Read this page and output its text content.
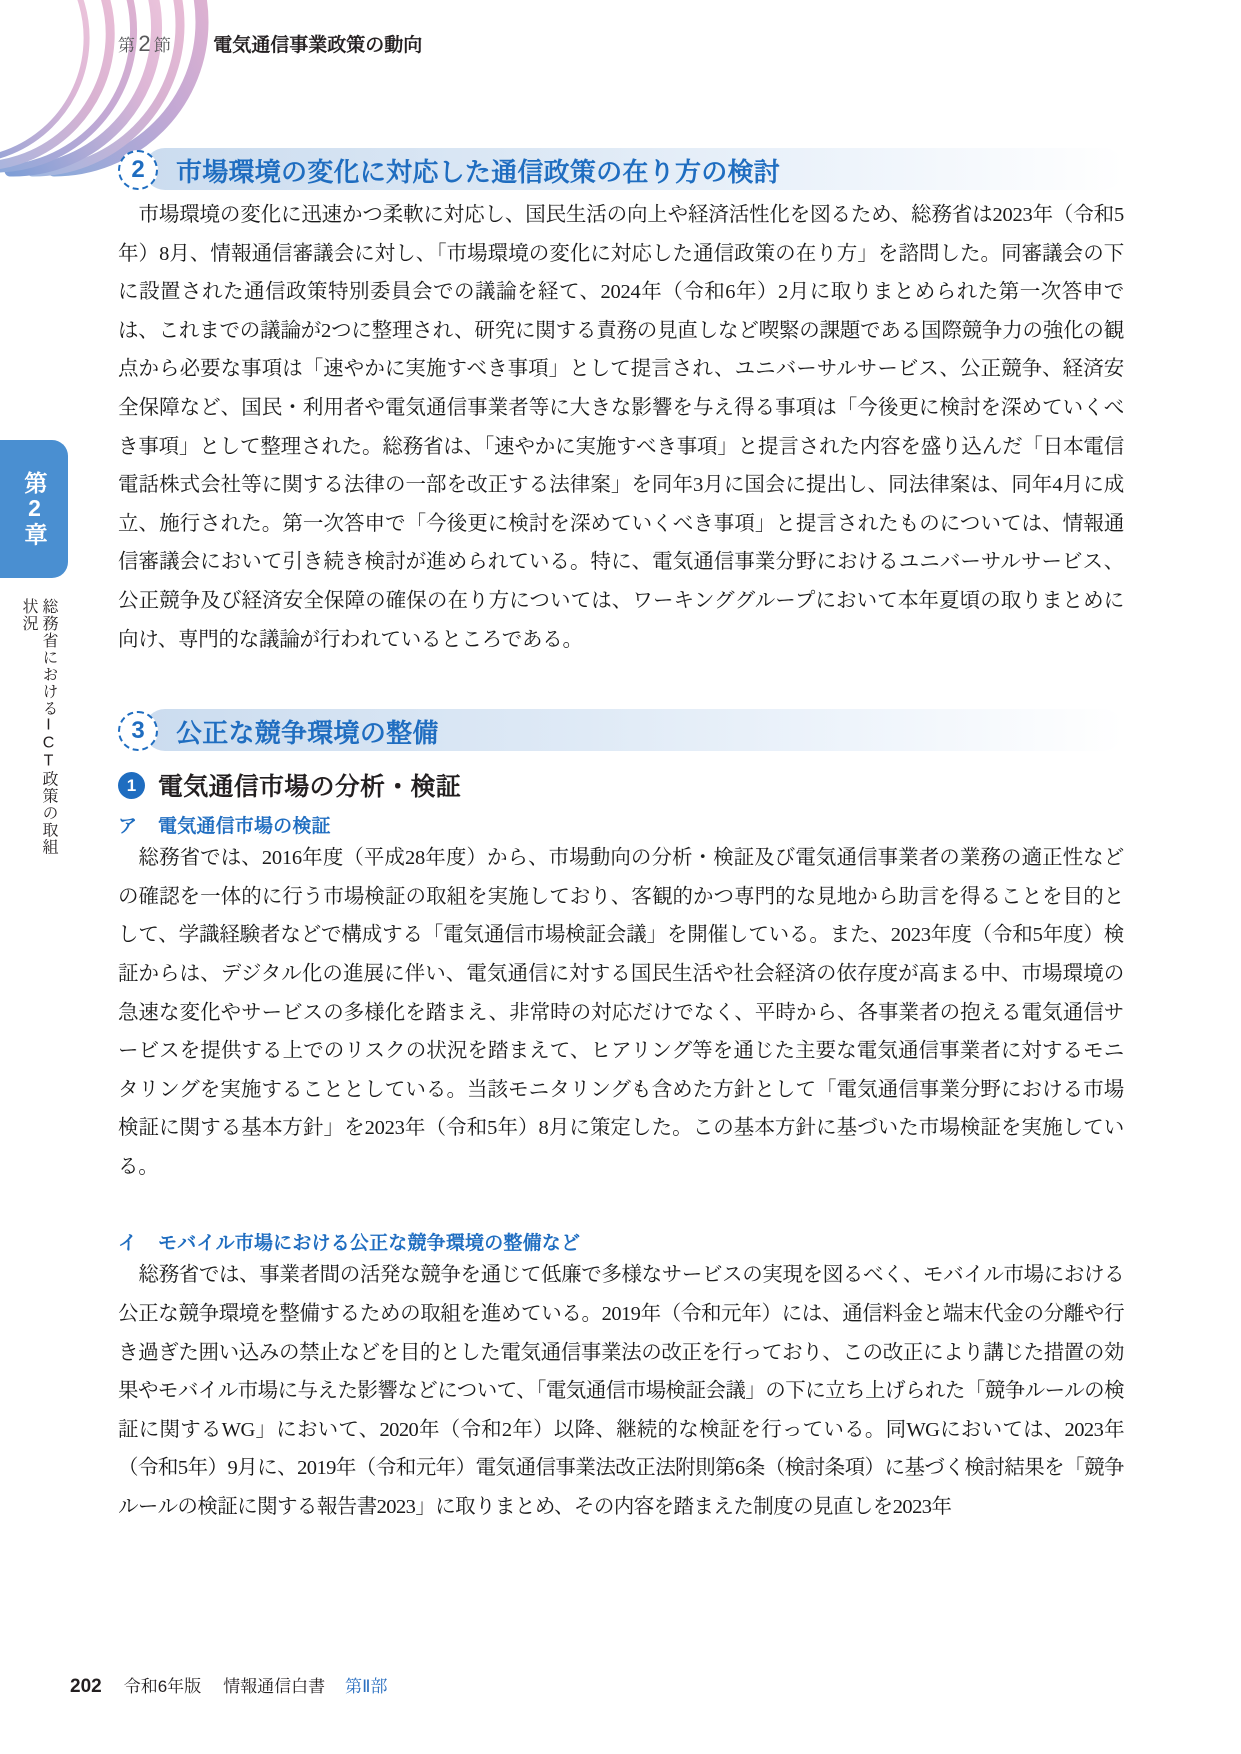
第 2 節 電気通信事業政策の動向
第2章
総務省におけるICT政策の取組状況
2	市場環境の変化に対応した通信政策の在り方の検討

市場環境の変化に迅速かつ柔軟に対応し、国民生活の向上や経済活性化を図るため、総務省は2023年（令和5年）8月、情報通信審議会に対し、「市場環境の変化に対応した通信政策の在り方」を諮問した。同審議会の下に設置された通信政策特別委員会での議論を経て、2024年（令和6年）2月に取りまとめられた第一次答申では、これまでの議論が2つに整理され、研究に関する責務の見直しなど喫緊の課題である国際競争力の強化の観点から必要な事項は「速やかに実施すべき事項」として提言され、ユニバーサルサービス、公正競争、経済安全保障など、国民・利用者や電気通信事業者等に大きな影響を与え得る事項は「今後更に検討を深めていくべき事項」として整理された。総務省は、「速やかに実施すべき事項」と提言された内容を盛り込んだ「日本電信電話株式会社等に関する法律の一部を改正する法律案」を同年3月に国会に提出し、同法律案は、同年4月に成立、施行された。第一次答申で「今後更に検討を深めていくべき事項」と提言されたものについては、情報通信審議会において引き続き検討が進められている。特に、電気通信事業分野におけるユニバーサルサービス、公正競争及び経済安全保障の確保の在り方については、ワーキンググループにおいて本年夏頃の取りまとめに向け、専門的な議論が行われているところである。

3	公正な競争環境の整備
1 電気通信市場の分析・検証
ア	電気通信市場の検証

総務省では、2016年度（平成28年度）から、市場動向の分析・検証及び電気通信事業者の業務の適正性などの確認を一体的に行う市場検証の取組を実施しており、客観的かつ専門的な見地から助言を得ることを目的として、学識経験者などで構成する「電気通信市場検証会議」を開催している。また、2023年度（令和5年度）検証からは、デジタル化の進展に伴い、電気通信に対する国民生活や社会経済の依存度が高まる中、市場環境の急速な変化やサービスの多様化を踏まえ、非常時の対応だけでなく、平時から、各事業者の抱える電気通信サービスを提供する上でのリスクの状況を踏まえて、ヒアリング等を通じた主要な電気通信事業者に対するモニタリングを実施することとしている。当該モニタリングも含めた方針として「電気通信事業分野における市場検証に関する基本方針」を2023年（令和5年）8月に策定した。この基本方針に基づいた市場検証を実施している。

イ	モバイル市場における公正な競争環境の整備など

総務省では、事業者間の活発な競争を通じて低廉で多様なサービスの実現を図るべく、モバイル市場における公正な競争環境を整備するための取組を進めている。2019年（令和元年）には、通信料金と端末代金の分離や行き過ぎた囲い込みの禁止などを目的とした電気通信事業法の改正を行っており、この改正により講じた措置の効果やモバイル市場に与えた影響などについて、「電気通信市場検証会議」の下に立ち上げられた「競争ルールの検証に関するWG」において、2020年（令和2年）以降、継続的な検証を行っている。同WGにおいては、2023年（令和5年）9月に、2019年（令和元年）電気通信事業法改正法附則第6条（検討条項）に基づく検討結果を「競争ルールの検証に関する報告書2023」に取りまとめ、その内容を踏まえた制度の見直しを2023年

202 令和6年版 情報通信白書 第Ⅱ部
